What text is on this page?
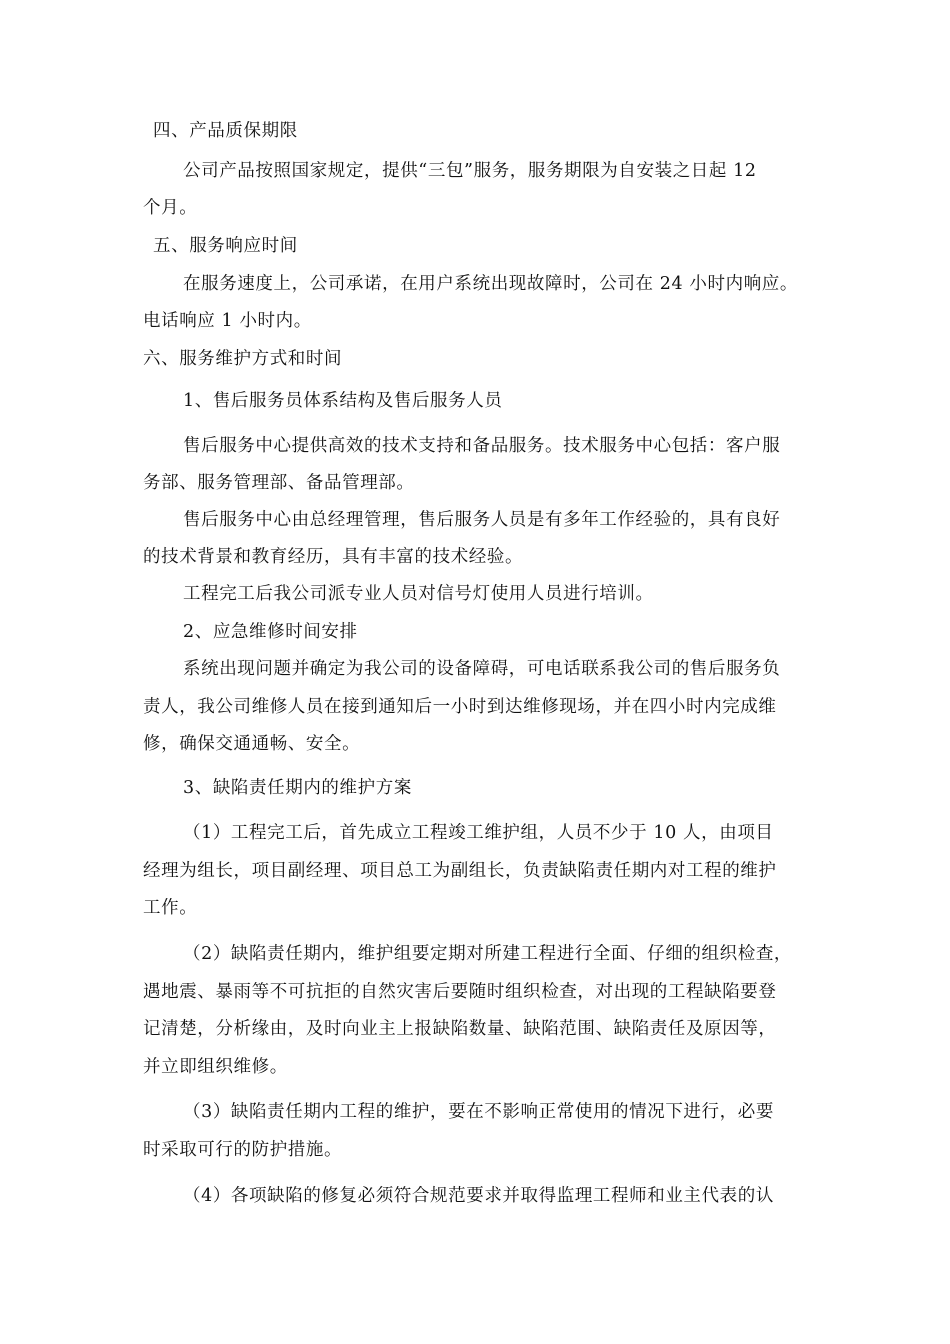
四、产品质保期限
公司产品按照国家规定，提供“三包”服务，服务期限为自安装之日起 12
个月。
五、服务响应时间
在服务速度上，公司承诺，在用户系统出现故障时，公司在 24 小时内响应。
电话响应 1 小时内。
六、服务维护方式和时间
1、售后服务员体系结构及售后服务人员
售后服务中心提供高效的技术支持和备品服务。技术服务中心包括：客户服
务部、服务管理部、备品管理部。
售后服务中心由总经理管理，售后服务人员是有多年工作经验的，具有良好
的技术背景和教育经历，具有丰富的技术经验。
工程完工后我公司派专业人员对信号灯使用人员进行培训。
2、应急维修时间安排
系统出现问题并确定为我公司的设备障碍，可电话联系我公司的售后服务负
责人，我公司维修人员在接到通知后一小时到达维修现场，并在四小时内完成维
修，确保交通通畅、安全。
3、缺陷责任期内的维护方案
（1）工程完工后，首先成立工程竣工维护组，人员不少于 10 人，由项目
经理为组长，项目副经理、项目总工为副组长，负责缺陷责任期内对工程的维护
工作。
（2）缺陷责任期内，维护组要定期对所建工程进行全面、仔细的组织检查，
遇地震、暴雨等不可抗拒的自然灾害后要随时组织检查，对出现的工程缺陷要登
记清楚，分析缘由，及时向业主上报缺陷数量、缺陷范围、缺陷责任及原因等，
并立即组织维修。
（3）缺陷责任期内工程的维护，要在不影响正常使用的情况下进行，必要
时采取可行的防护措施。
（4）各项缺陷的修复必须符合规范要求并取得监理工程师和业主代表的认
